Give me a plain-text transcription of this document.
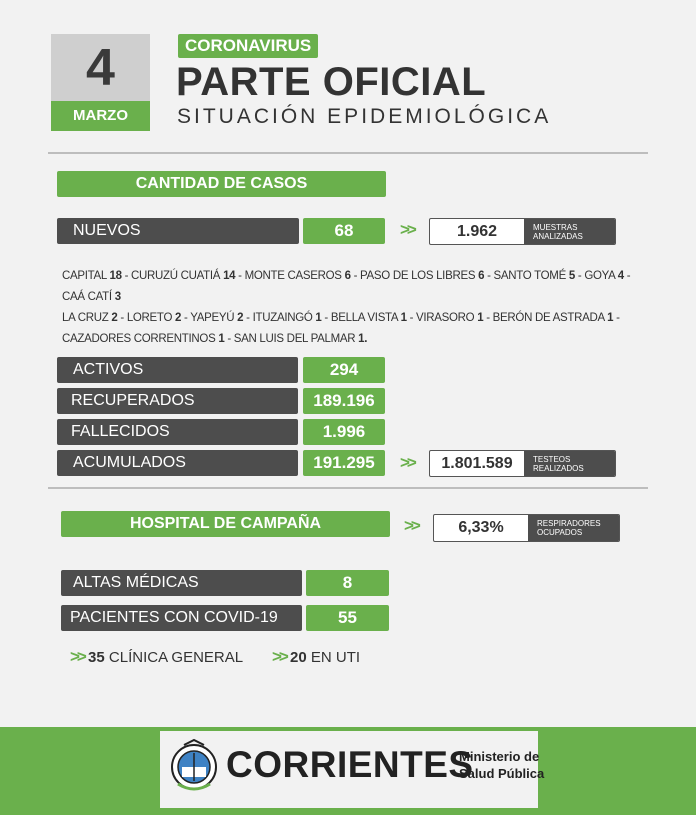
4
MARZO
CORONAVIRUS
PARTE OFICIAL
SITUACIÓN EPIDEMIOLÓGICA
CANTIDAD DE CASOS
NUEVOS	68	>>	1.962	MUESTRAS
ANALIZADAS
CAPITAL 18 - CURUZÚ CUATIÁ 14 - MONTE CASEROS 6 - PASO DE LOS LIBRES 6 - SANTO TOMÉ 5 - GOYA 4 - CAÁ CATÍ 3
LA CRUZ 2 - LORETO 2 - YAPEYÚ 2 - ITUZAINGÓ 1 - BELLA VISTA 1 - VIRASORO 1 - BERÓN DE ASTRADA 1 - CAZADORES CORRENTINOS 1 - SAN LUIS DEL PALMAR 1.
ACTIVOS	294
RECUPERADOS	189.196
FALLECIDOS	1.996
ACUMULADOS	191.295	>>	1.801.589	TESTEOS
REALIZADOS
HOSPITAL DE CAMPAÑA	>>	6,33%	RESPIRADORES
OCUPADOS
ALTAS MÉDICAS	8
PACIENTES CON COVID-19	55
>> 35 CLÍNICA GENERAL >> 20 EN UTI
CORRIENTES
Ministerio de
Salud Pública
